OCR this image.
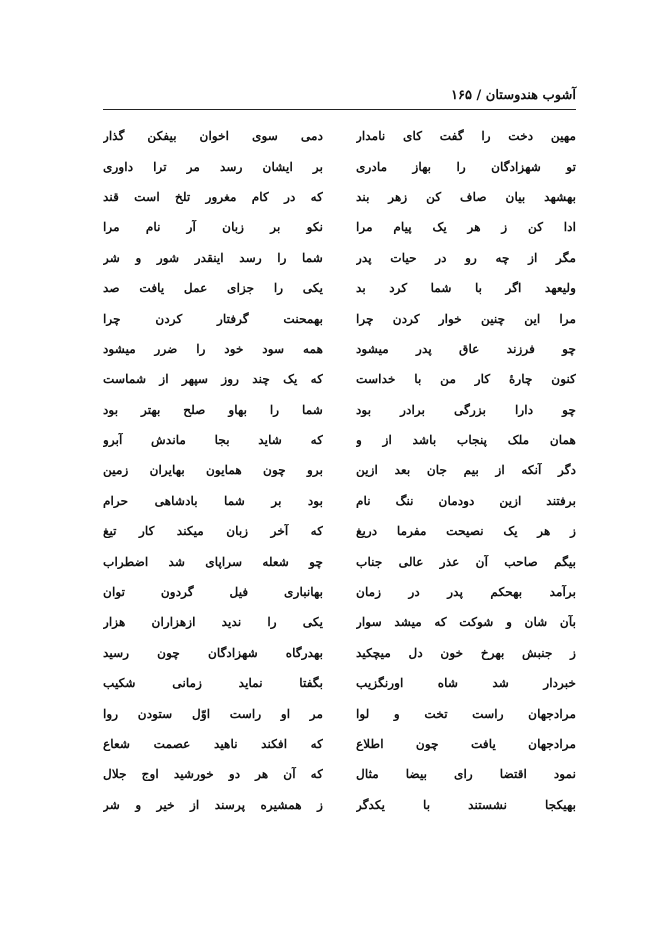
آشوب هندوستان / ۱۶۵
مهین دخت را گفت کای نامدار
دمی سوی اخوان بیفکن گذار
تو شهزادگان را بهاز مادری
بر ایشان رسد مر ترا داوری
بهشهد بیان صاف کن زهر بند
که در کام مغرور تلخ است قند
ادا کن ز هر یک پیام مرا
نکو بر زبان آر نام مرا
مگر از چه رو در حیات پدر
شما را رسد اینقدر شور و شر
ولیعهد اگر با شما کرد بد
یکی را جزای عمل یافت صد
مرا این چنین خوار کردن چرا
بهمحنت گرفتار کردن چرا
چو فرزند عاق پدر میشود
همه سود خود را ضرر میشود
کنون چارهٔ کار من با خداست
که یک چند روز سپهر از شماست
چو دارا بزرگی برادر بود
شما را بهاو صلح بهتر بود
همان ملک پنجاب باشد از و
که شاید بجا ماندش آبرو
دگر آنکه از بیم جان بعد ازین
برو چون همایون بهایران زمین
برفتند ازین دودمان ننگ نام
بود بر شما بادشاهی حرام
ز هر یک نصیحت مفرما دریغ
که آخر زبان میکند کار تیغ
بیگم صاحب آن عذر عالی جناب
چو شعله سراپای شد اضطراب
برآمد بهحکم پدر در زمان
بهانباری فیل گردون توان
بآن شان و شوکت که میشد سوار
یکی را ندید ازهزاران هزار
ز جنبش بهرخ خون دل میچکید
بهدرگاه شهزادگان چون رسید
خبردار شد شاه اورنگزیب
بگفتا نماید زمانی شکیب
مرادجهان راست تخت و لوا
مر او راست اوّل ستودن روا
مرادجهان یافت چون اطلاع
که افکند ناهید عصمت شعاع
نمود اقتضا رای بیضا مثال
که آن هر دو خورشید اوج جلال
بهیکجا نشستند با یکدگر
ز همشیره پرسند از خیر و شر
